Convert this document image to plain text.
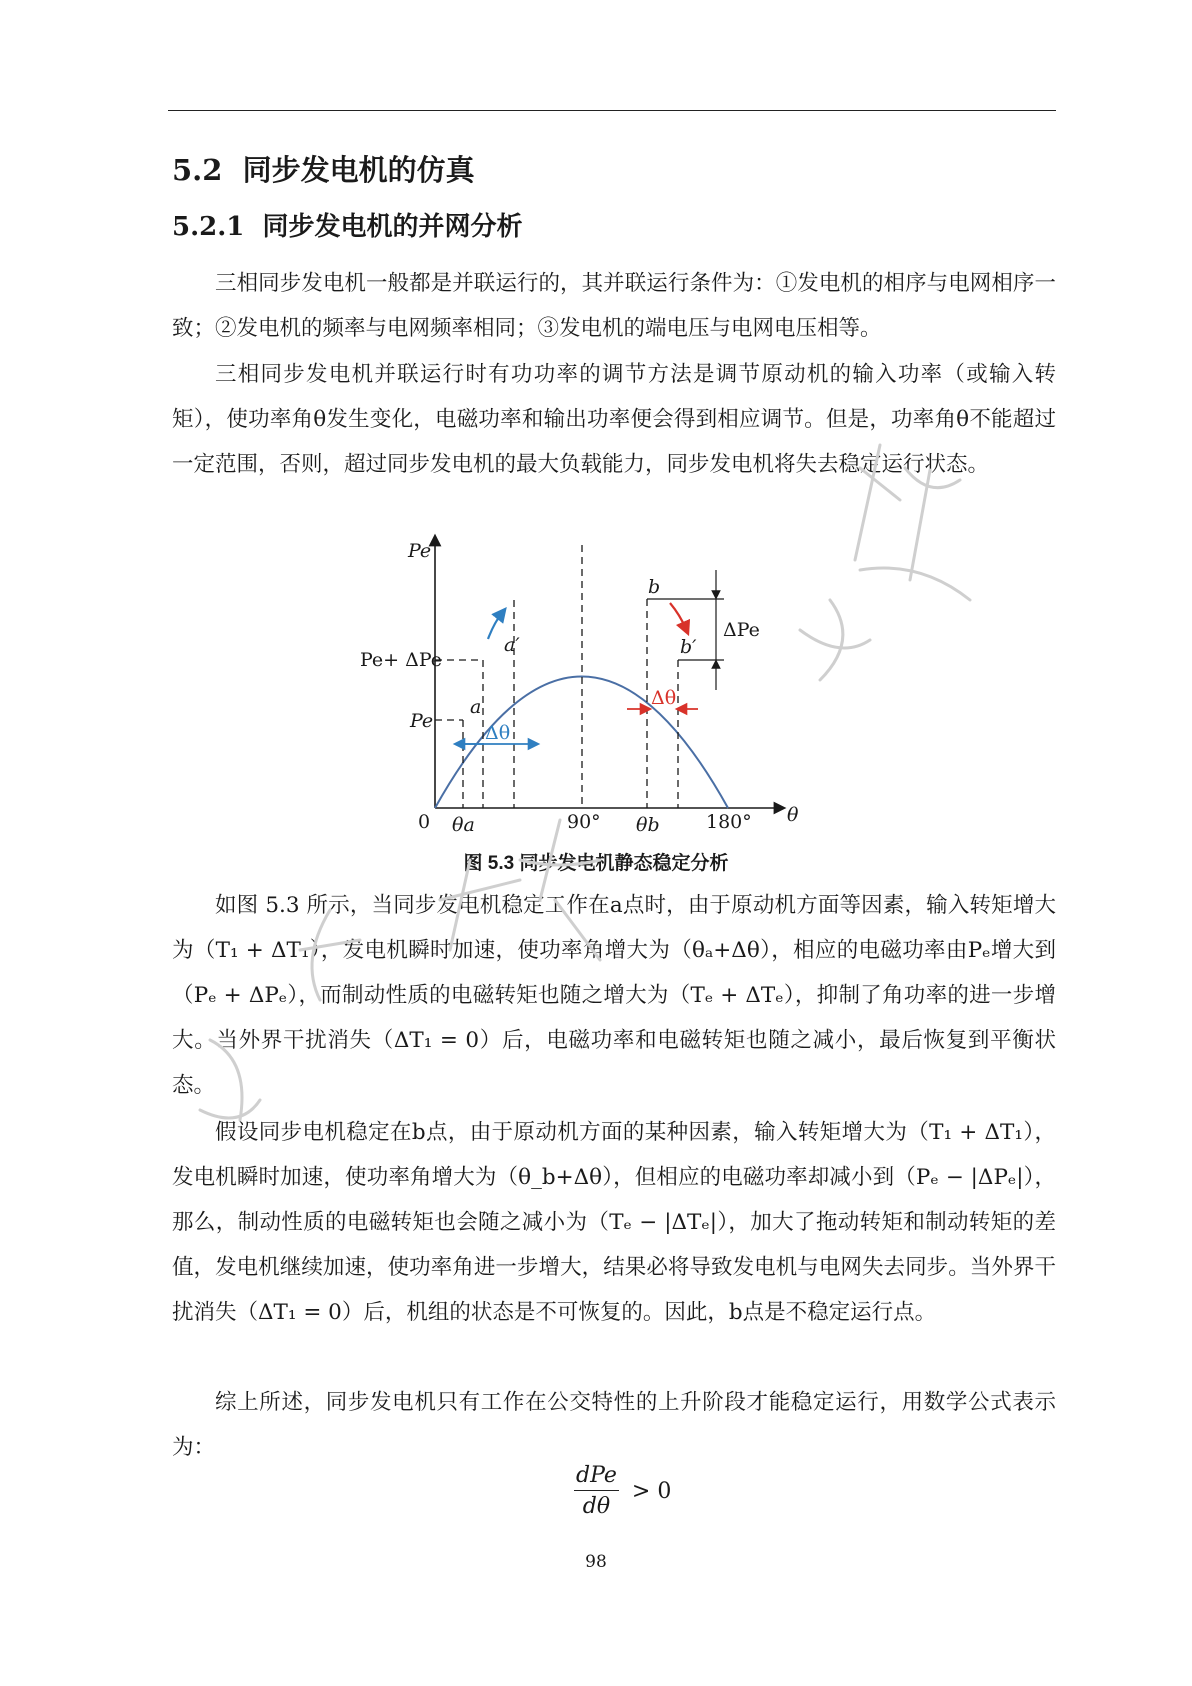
5.2 同步发电机的仿真
5.2.1 同步发电机的并网分析

三相同步发电机一般都是并联运行的，其并联运行条件为：①发电机的相序与电网相序一致；②发电机的频率与电网频率相同；③发电机的端电压与电网电压相等。

三相同步发电机并联运行时有功功率的调节方法是调节原动机的输入功率（或输入转矩），使功率角θ发生变化，电磁功率和输出功率便会得到相应调节。但是，功率角θ不能超过一定范围，否则，超过同步发电机的最大负载能力，同步发电机将失去稳定运行状态。

Pe
θ
0 θa	90° θb 180°
Pe+ ΔPe
Pe
a
a′
b
b′
Δθ
Δθ
ΔPe
图 5.3 同步发电机静态稳定分析

如图 5.3 所示，当同步发电机稳定工作在a点时，由于原动机方面等因素，输入转矩增大为（T₁ + ΔT₁），发电机瞬时加速，使功率角增大为（θₐ+Δθ），相应的电磁功率由Pₑ增大到（Pₑ + ΔPₑ），而制动性质的电磁转矩也随之增大为（Tₑ + ΔTₑ），抑制了角功率的进一步增大。当外界干扰消失（ΔT₁ = 0）后，电磁功率和电磁转矩也随之减小，最后恢复到平衡状态。

假设同步电机稳定在b点，由于原动机方面的某种因素，输入转矩增大为（T₁ + ΔT₁），发电机瞬时加速，使功率角增大为（θ_b+Δθ），但相应的电磁功率却减小到（Pₑ − |ΔPₑ|），那么，制动性质的电磁转矩也会随之减小为（Tₑ − |ΔTₑ|），加大了拖动转矩和制动转矩的差值，发电机继续加速，使功率角进一步增大，结果必将导致发电机与电网失去同步。当外界干扰消失（ΔT₁ = 0）后，机组的状态是不可恢复的。因此，b点是不稳定运行点。

综上所述，同步发电机只有工作在公交特性的上升阶段才能稳定运行，用数学公式表示为：

$\frac{\text{dPe}}{d\theta} > 0$
98
